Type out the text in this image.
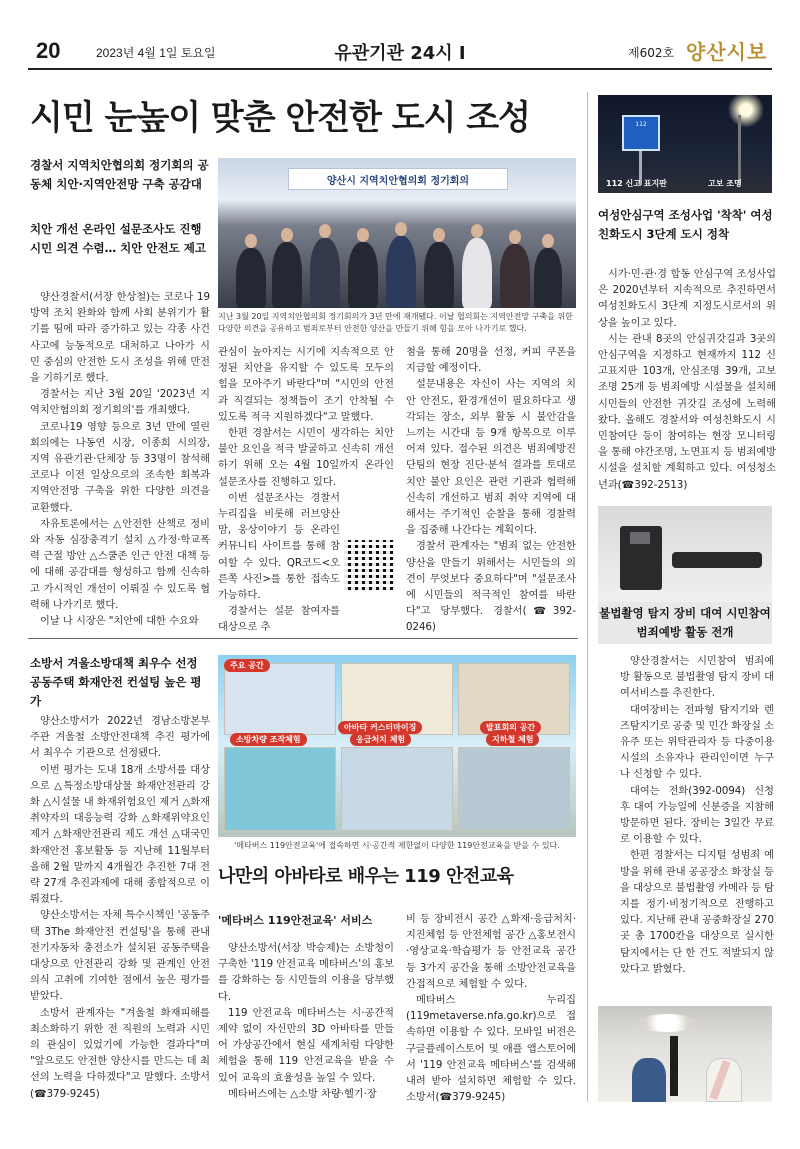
20	2023년 4월 1일 토요일	유관기관 24시 Ⅰ	제602호 양산시보
시민 눈높이 맞춘 안전한 도시 조성
경찰서 지역치안협의회 정기회의 공동체 치안·지역안전망 구축 공감대
치안 개선 온라인 설문조사도 진행 시민 의견 수렴… 치안 안전도 제고
양산시 지역치안협의회 정기회의
지난 3월 20일 지역치안협의회 정기회의가 3년 만에 재개됐다. 이날 협의회는 지역안전망 구축을 위한 다양한 의견을 공유하고 범죄로부터 안전한 양산을 만들기 위해 힘을 모아 나가기로 했다.

양산경찰서(서장 한상철)는 코로나 19 방역 조치 완화와 함께 사회 분위기가 활기를 띰에 따라 증가하고 있는 각종 사건사고에 능동적으로 대처하고 나아가 시민 중심의 안전한 도시 조성을 위해 만전을 기하기로 했다.

경찰서는 지난 3월 20일 '2023년 지역치안협의회 정기회의'를 개최했다.

코로나19 영향 등으로 3년 만에 열린 회의에는 나동연 시장, 이종희 시의장, 지역 유관기관·단체장 등 33명이 참석해 코로나 이전 일상으로의 조속한 회복과 지역안전망 구축을 위한 다양한 의견을 교환했다.

자유토론에서는 △안전한 산책로 정비와 자동 심장충격기 설치 △가정·학교폭력 근절 방안 △스쿨존 인근 안전 대책 등에 대해 공감대를 형성하고 함께 신속하고 가시적인 개선이 이뤄질 수 있도록 협력해 나가기로 했다.

이날 나 시장은 "치안에 대한 수요와

관심이 높아지는 시기에 지속적으로 안정된 치안을 유지할 수 있도록 모두의 힘을 모아주기 바란다"며 "시민의 안전과 직결되는 정책들이 조기 안착될 수 있도록 적극 지원하겠다"고 말했다.

한편 경찰서는 시민이 생각하는 치안 불안 요인을 적극 발굴하고 신속히 개선하기 위해 오는 4월 10일까지 온라인 설문조사를 진행하고 있다.

이번 설문조사는 경찰서 누리집을 비롯해 러브양산맘, 웅상이야기 등 온라인 커뮤니티 사이트를 통해 참여할 수 있다. QR코드<오른쪽 사진>를 통한 접속도 가능하다.

경찰서는 설문 참여자를 대상으로 추

첨을 통해 20명을 선정, 커피 쿠폰을 지급할 예정이다.

설문내용은 자신이 사는 지역의 치안 안전도, 환경개선이 필요하다고 생각되는 장소, 외부 활동 시 불안감을 느끼는 시간대 등 9개 항목으로 이루어져 있다. 접수된 의견은 범죄예방진단팀의 현장 진단·분석 결과를 토대로 치안 불안 요인은 관련 기관과 협력해 신속히 개선하고 범죄 취약 지역에 대해서는 주기적인 순찰을 통해 경찰력을 집중해 나간다는 계획이다.

경찰서 관계자는 "범죄 없는 안전한 양산을 만들기 위해서는 시민들의 의견이 무엇보다 중요하다"며 "설문조사에 시민들의 적극적인 참여를 바란다"고 당부했다. 경찰서(☎392-0246)

소방서 겨울소방대책 최우수 선정 공동주택 화재안전 컨설팅 높은 평가

양산소방서가 2022년 경남소방본부 주관 겨울철 소방안전대책 추진 평가에서 최우수 기관으로 선정됐다.

이번 평가는 도내 18개 소방서를 대상으로 △특정소방대상물 화재안전관리 강화 △시설물 내 화재위험요인 제거 △화재취약자의 대응능력 강화 △화재위약요인 제거 △화재안전관리 제도 개선 △대국민 화재안전 홍보활동 등 지난해 11월부터 올해 2월 말까지 4개월간 추진한 7대 전략 27개 추진과제에 대해 종합적으로 이뤄졌다.

양산소방서는 자체 특수시책인 '공동주택 3The 화재안전 컨설팅'을 통해 관내 전기자동차 충전소가 설치된 공동주택을 대상으로 안전관리 강화 및 관계인 안전의식 고취에 기여한 점에서 높은 평가를 받았다.

소방서 관계자는 "겨울철 화재피해를 최소화하기 위한 전 직원의 노력과 시민의 관심이 있었기에 가능한 결과다"며 "앞으로도 안전한 양산시를 만드는 데 최선의 노력을 다하겠다"고 말했다. 소방서(☎379-9245)

주요 공간
아바타 커스터마이징	발표회의 공간
소방차량 조작체험	응급처치 체험	지하철 체험
'메타버스 119안전교육'에 접속하면 시·공간적 제한없이 다양한 119안전교육을 받을 수 있다.
나만의 아바타로 배우는 119 안전교육
'메타버스 119안전교육' 서비스

양산소방서(서장 박승제)는 소방청이 구축한 '119 안전교육 메타버스'의 홍보를 강화하는 등 시민들의 이용을 당부했다.

119 안전교육 메타버스는 시·공간적 제약 없이 자신만의 3D 아바타를 만들어 가상공간에서 현실 세계처럼 다양한 체험을 통해 119 안전교육을 받을 수 있어 교육의 효율성을 높일 수 있다.

메타버스에는 △소방 차량·헬기·장

비 등 장비전시 공간 △화재·응급처치·지진체험 등 안전체험 공간 △홍보전시·영상교육·학습평가 등 안전교육 공간 등 3가지 공간을 통해 소방안전교육을 간접적으로 체험할 수 있다.

메타버스 누리집(119metaverse.nfa.go.kr)으로 접속하면 이용할 수 있다. 모바일 버전은 구글플레이스토어 및 애플 앱스토어에서 '119 안전교육 메타버스'를 검색해 내려 받아 설치하면 체험할 수 있다. 소방서(☎379-9245)

112
112 신고 표지판	고보 조명
여성안심구역 조성사업 '착착' 여성친화도시 3단계 도시 정착

시가·민·관·경 합동 안심구역 조성사업은 2020년부터 지속적으로 추진하면서 여성친화도시 3단계 지정도시로서의 위상을 높이고 있다.

시는 관내 8곳의 안심귀갓길과 3곳의 안심구역을 지정하고 현재까지 112 신고표지판 103개, 안심조명 39개, 고보조명 25개 등 범죄예방 시설물을 설치해 시민들의 안전한 귀갓길 조성에 노력해 왔다. 올해도 경찰서와 여성친화도시 시민참여단 등이 참여하는 현장 모니터링을 통해 야간조명, 노면표지 등 범죄예방시설을 설치할 계획하고 있다. 여성청소년과(☎392-2513)

불법촬영 탐지 장비 대여 시민참여 범죄예방 활동 전개

양산경찰서는 시민참여 범죄예방 활동으로 불법촬영 탐지 장비 대여서비스를 추진한다.

대여장비는 전파형 탐지기와 렌즈탐지기로 공중 및 민간 화장실 소유주 또는 위탁관리자 등 다중이용시설의 소유자나 관리인이면 누구나 신청할 수 있다.

대여는 전화(392-0094) 신청 후 대여 가능일에 신분증을 지참해 방문하면 된다. 장비는 3일간 무료로 이용할 수 있다.

한편 경찰서는 디지털 성범죄 예방을 위해 관내 공공장소 화장실 등을 대상으로 불법촬영 카메라 등 탐지를 정기·비정기적으로 진행하고 있다. 지난해 관내 공중화장실 270곳 총 1700칸을 대상으로 실시한 탐지에서는 단 한 건도 적발되지 않았다고 밝혔다.
